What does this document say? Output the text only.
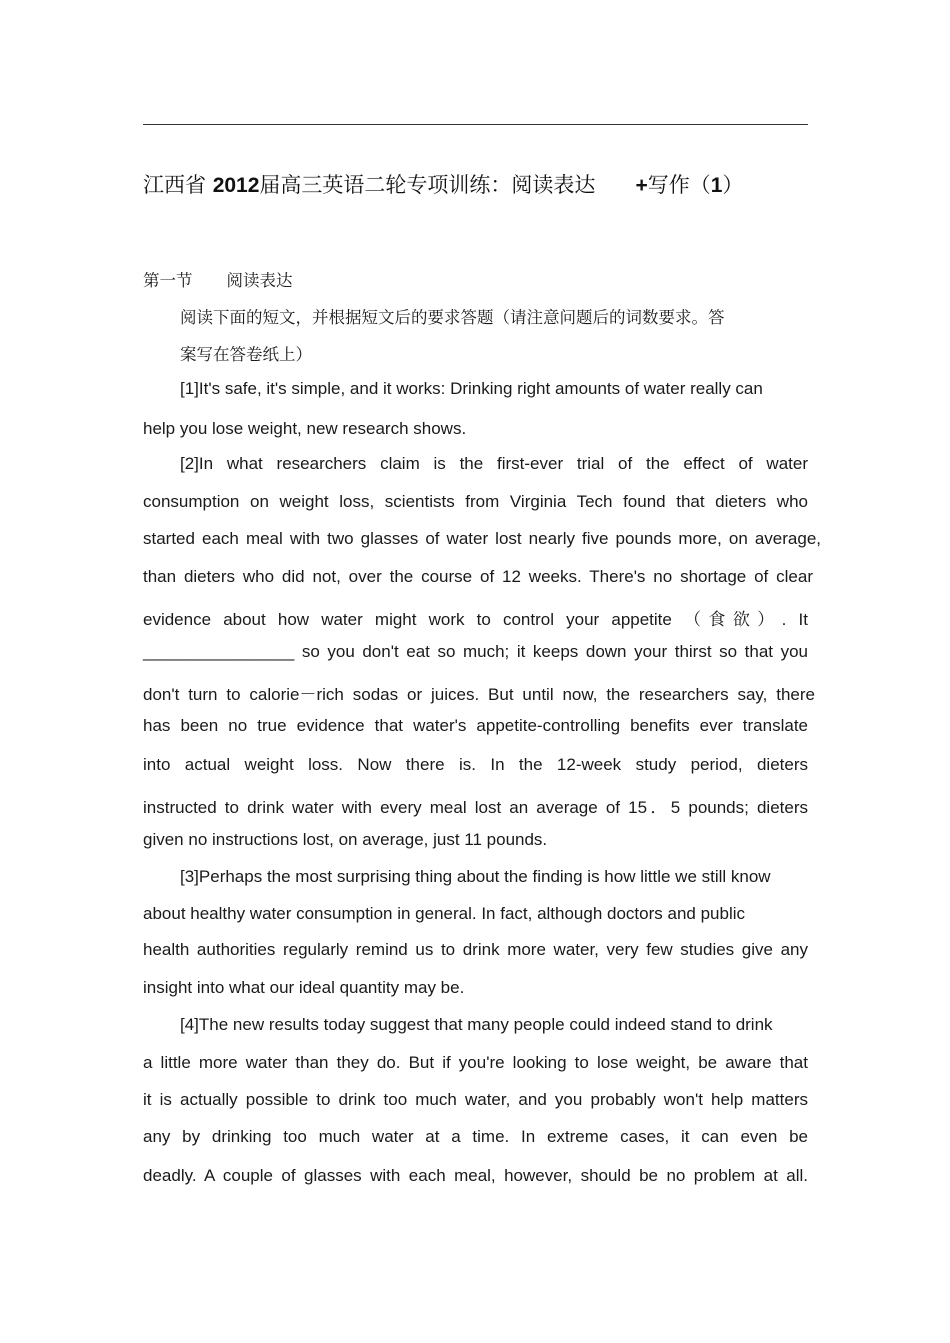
江西省 2012届高三英语二轮专项训练：阅读表达 +写作（1）
第一节 阅读表达
阅读下面的短文，并根据短文后的要求答题（请注意问题后的词数要求。答
案写在答卷纸上）
[1]It's safe, it's simple, and it works: Drinking right amounts of water really can
help you lose weight, new research shows.
[2]In what researchers claim is the first-ever trial of the effect of water
consumption on weight loss, scientists from Virginia Tech found that dieters who
started each meal with two glasses of water lost nearly five pounds more, on average,
than dieters who did not, over the course of 12 weeks. There's no shortage of clear
evidence about how water might work to control your appetite （食欲）. It
________________ so you don't eat so much; it keeps down your thirst so that you
don't turn to calorie－rich sodas or juices. But until now, the researchers say, there
has been no true evidence that water's appetite-controlling benefits ever translate
into actual weight loss. Now there is. In the 12-week study period, dieters
instructed to drink water with every meal lost an average of 15．5 pounds; dieters
given no instructions lost, on average, just 11 pounds.
[3]Perhaps the most surprising thing about the finding is how little we still know
about healthy water consumption in general. In fact, although doctors and public
health authorities regularly remind us to drink more water, very few studies give any
insight into what our ideal quantity may be.
[4]The new results today suggest that many people could indeed stand to drink
a little more water than they do. But if you're looking to lose weight, be aware that
it is actually possible to drink too much water, and you probably won't help matters
any by drinking too much water at a time. In extreme cases, it can even be
deadly. A couple of glasses with each meal, however, should be no problem at all.
